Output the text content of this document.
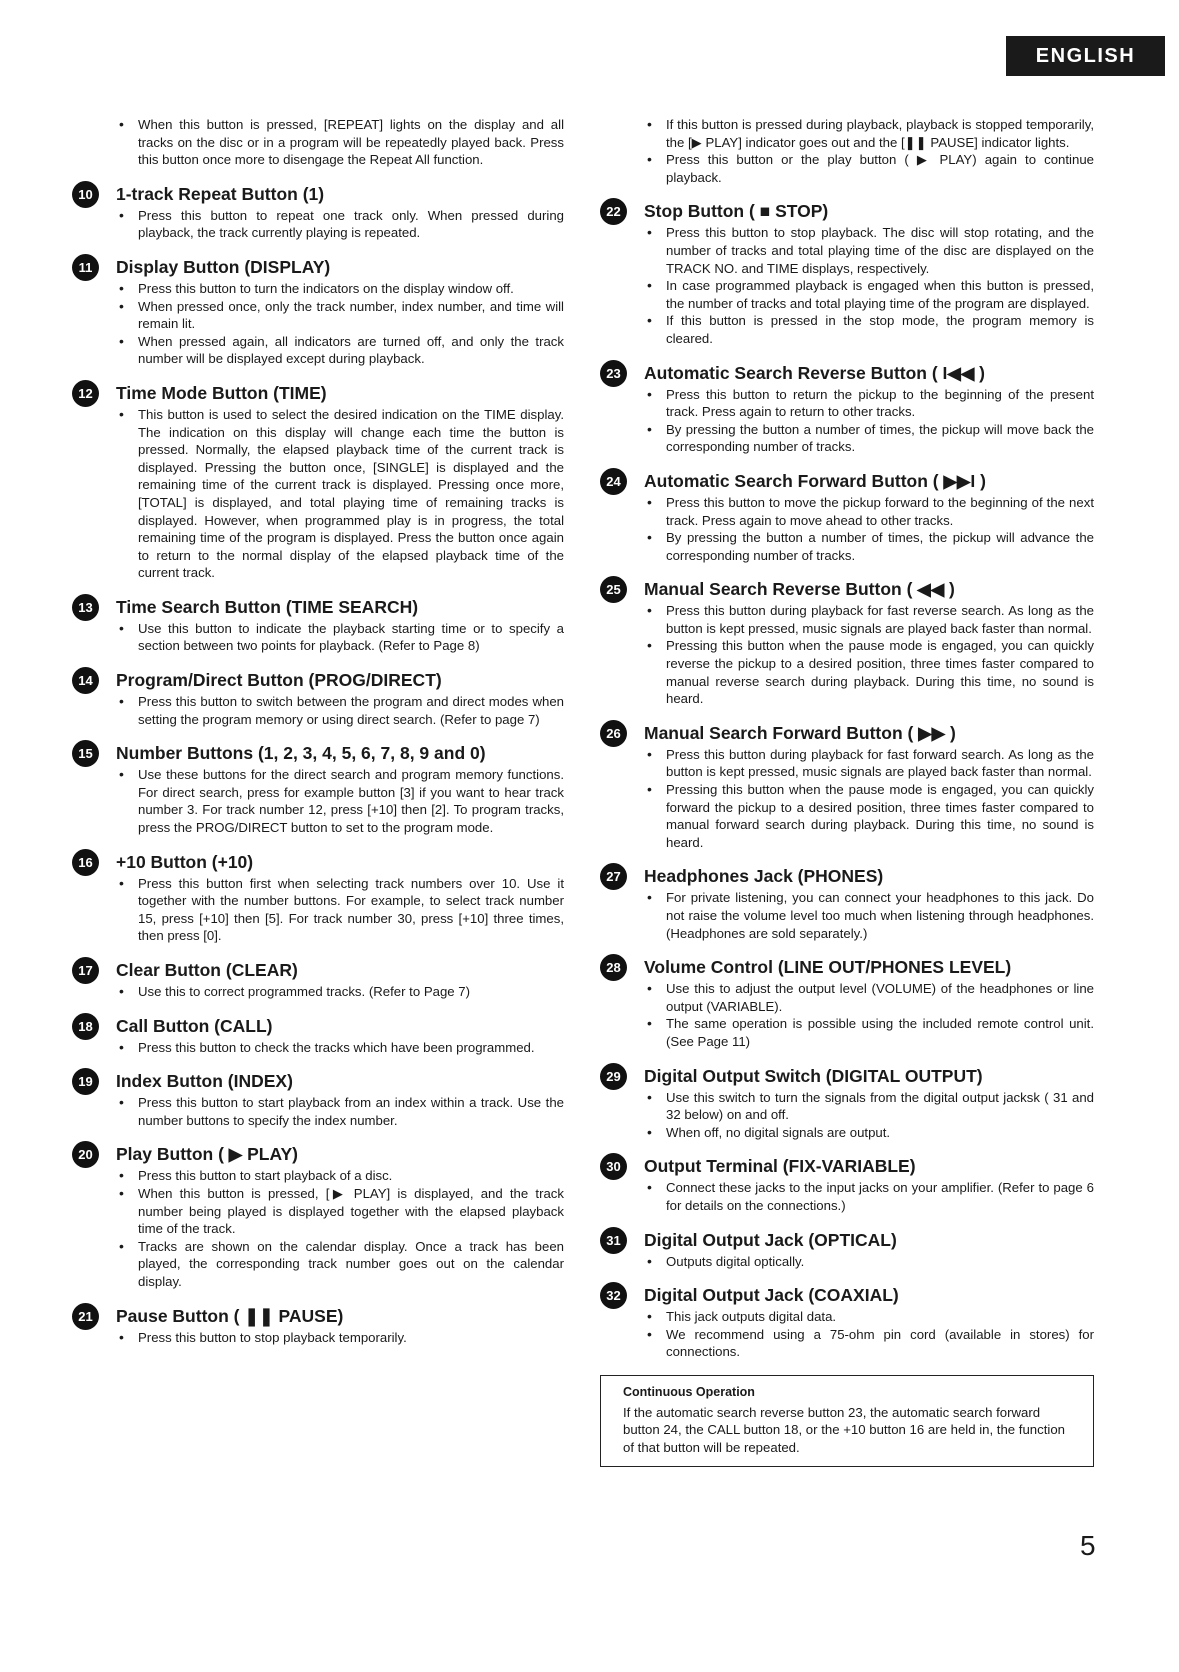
ENGLISH
• When this button is pressed, [REPEAT] lights on the display and all tracks on the disc or in a program will be repeatedly played back. Press this button once more to disengage the Repeat All function.
10	1-track Repeat Button (1)
• Press this button to repeat one track only. When pressed during playback, the track currently playing is repeated.
11	Display Button (DISPLAY)
• Press this button to turn the indicators on the display window off.
• When pressed once, only the track number, index number, and time will remain lit.
• When pressed again, all indicators are turned off, and only the track number will be displayed except during playback.
12	Time Mode Button (TIME)
• This button is used to select the desired indication on the TIME display. The indication on this display will change each time the button is pressed. Normally, the elapsed playback time of the current track is displayed. Pressing the button once, [SINGLE] is displayed and the remaining time of the current track is displayed. Pressing once more, [TOTAL] is displayed, and total playing time of remaining tracks is displayed. However, when programmed play is in progress, the total remaining time of the program is displayed. Press the button once again to return to the normal display of the elapsed playback time of the current track.
13	Time Search Button (TIME SEARCH)
• Use this button to indicate the playback starting time or to specify a section between two points for playback. (Refer to Page 8)
14	Program/Direct Button (PROG/DIRECT)
• Press this button to switch between the program and direct modes when setting the program memory or using direct search. (Refer to page 7)
15	Number Buttons (1, 2, 3, 4, 5, 6, 7, 8, 9 and 0)
• Use these buttons for the direct search and program memory functions. For direct search, press for example button [3] if you want to hear track number 3. For track number 12, press [+10] then [2]. To program tracks, press the PROG/DIRECT button to set to the program mode.
16	+10 Button (+10)
• Press this button first when selecting track numbers over 10. Use it together with the number buttons. For example, to select track number 15, press [+10] then [5]. For track number 30, press [+10] three times, then press [0].
17	Clear Button (CLEAR)
• Use this to correct programmed tracks. (Refer to Page 7)
18	Call Button (CALL)
• Press this button to check the tracks which have been programmed.
19	Index Button (INDEX)
• Press this button to start playback from an index within a track. Use the number buttons to specify the index number.
20	Play Button ( ▶ PLAY)
• Press this button to start playback of a disc.
• When this button is pressed, [▶ PLAY] is displayed, and the track number being played is displayed together with the elapsed playback time of the track.
• Tracks are shown on the calendar display. Once a track has been played, the corresponding track number goes out on the calendar display.
21	Pause Button ( ❚❚ PAUSE)
• Press this button to stop playback temporarily.
• If this button is pressed during playback, playback is stopped temporarily, the [▶ PLAY] indicator goes out and the [❚❚ PAUSE] indicator lights.
• Press this button or the play button ( ▶ PLAY) again to continue playback.
22	Stop Button ( ■ STOP)
• Press this button to stop playback. The disc will stop rotating, and the number of tracks and total playing time of the disc are displayed on the TRACK NO. and TIME displays, respectively.
• In case programmed playback is engaged when this button is pressed, the number of tracks and total playing time of the program are displayed.
• If this button is pressed in the stop mode, the program memory is cleared.
23	Automatic Search Reverse Button ( I◀◀ )
• Press this button to return the pickup to the beginning of the present track. Press again to return to other tracks.
• By pressing the button a number of times, the pickup will move back the corresponding number of tracks.
24	Automatic Search Forward Button ( ▶▶I )
• Press this button to move the pickup forward to the beginning of the next track. Press again to move ahead to other tracks.
• By pressing the button a number of times, the pickup will advance the corresponding number of tracks.
25	Manual Search Reverse Button ( ◀◀ )
• Press this button during playback for fast reverse search. As long as the button is kept pressed, music signals are played back faster than normal.
• Pressing this button when the pause mode is engaged, you can quickly reverse the pickup to a desired position, three times faster compared to manual reverse search during playback. During this time, no sound is heard.
26	Manual Search Forward Button ( ▶▶ )
• Press this button during playback for fast forward search. As long as the button is kept pressed, music signals are played back faster than normal.
• Pressing this button when the pause mode is engaged, you can quickly forward the pickup to a desired position, three times faster compared to manual forward search during playback. During this time, no sound is heard.
27	Headphones Jack (PHONES)
• For private listening, you can connect your headphones to this jack. Do not raise the volume level too much when listening through headphones. (Headphones are sold separately.)
28	Volume Control (LINE OUT/PHONES LEVEL)
• Use this to adjust the output level (VOLUME) of the headphones or line output (VARIABLE).
• The same operation is possible using the included remote control unit. (See Page 11)
29	Digital Output Switch (DIGITAL OUTPUT)
• Use this switch to turn the signals from the digital output jacksk ( 31 and 32 below) on and off.
• When off, no digital signals are output.
30	Output Terminal (FIX-VARIABLE)
• Connect these jacks to the input jacks on your amplifier. (Refer to page 6 for details on the connections.)
31	Digital Output Jack (OPTICAL)
• Outputs digital optically.
32	Digital Output Jack (COAXIAL)
• This jack outputs digital data.
• We recommend using a 75-ohm pin cord (available in stores) for connections.
Continuous Operation
If the automatic search reverse button 23, the automatic search forward button 24, the CALL button 18, or the +10 button 16 are held in, the function of that button will be repeated.
5
